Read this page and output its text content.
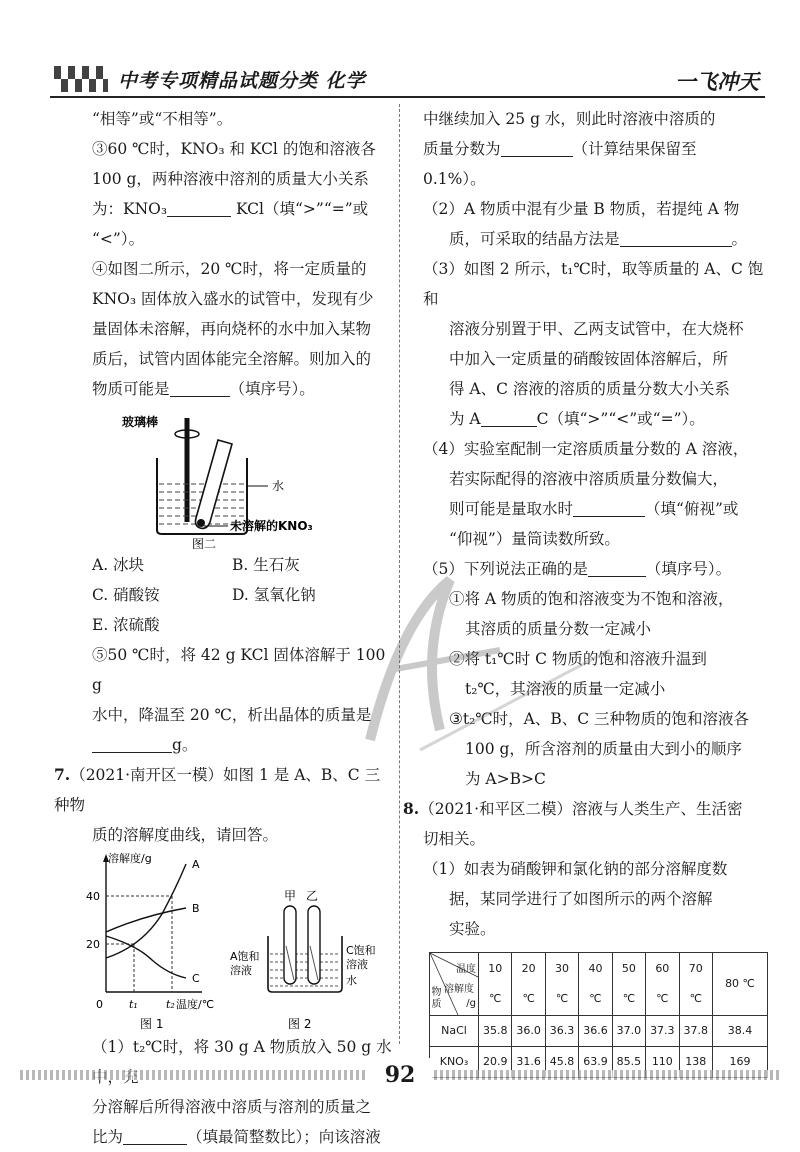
中考专项精品试题分类 化学	一飞冲天

“相等”或“不相等”。

③60 ℃时，KNO₃ 和 KCl 的饱和溶液各

100 g，两种溶液中溶剂的质量大小关系

为：KNO₃	KCl（填“>”“=”或

“<”）。

④如图二所示，20 ℃时，将一定质量的

KNO₃ 固体放入盛水的试管中，发现有少

量固体未溶解，再向烧杯的水中加入某物

质后，试管内固体能完全溶解。则加入的

物质可能是	（填序号）。

玻璃棒
水
未溶解的KNO₃
图二
A. 冰块	B. 生石灰
C. 硝酸铵	D. 氢氧化钠
E. 浓硫酸

⑤50 ℃时，将 42 g KCl 固体溶解于 100 g

水中，降温至 20 ℃，析出晶体的质量是

g。

7.（2021·南开区一模）如图 1 是 A、B、C 三种物

质的溶解度曲线，请回答。

溶解度/g
40
20
0 t₁	t₂ 温度/℃
A
B
C
图 1
甲 乙
A饱和
溶液
C饱和
溶液
水
图 2

（1）t₂℃时，将 30 g A 物质放入 50 g 水

分溶解后所得溶液中溶质与溶剂的质量之

比为	（填最简整数比）；向该溶液

中继续加入 25 g 水，则此时溶液中溶质的

质量分数为	（计算结果保留至

0.1%）。

（2）A 物质中混有少量 B 物质，若提纯 A 物

质，可采取的结晶方法是	。

（3）如图 2 所示，t₁℃时，取等质量的 A、C 饱和

溶液分别置于甲、乙两支试管中，在大烧杯

中加入一定质量的硝酸铵固体溶解后，所

得 A、C 溶液的溶质的质量分数大小关系

为 A	C（填“>”“<”或“=”）。

（4）实验室配制一定溶质质量分数的 A 溶液，

若实际配得的溶液中溶质质量分数偏大，

则可能是量取水时	（填“俯视”或

“仰视”）量筒读数所致。

（5）下列说法正确的是	（填序号）。

①将 A 物质的饱和溶液变为不饱和溶液，

其溶质的质量分数一定减小

②将 t₁℃时 C 物质的饱和溶液升温到

t₂℃，其溶液的质量一定减小

③t₂℃时，A、B、C 三种物质的饱和溶液各

100 g，所含溶剂的质量由大到小的顺序

为 A>B>C

8.（2021·和平区二模）溶液与人类生产、生活密

切相关。

（1）如表为硝酸钾和氯化钠的部分溶解度数

据，某同学进行了如图所示的两个溶解

实验。

温度
溶解度
/g
物质	10 ℃	20 ℃	30 ℃	40 ℃	50 ℃	60 ℃	70 ℃	80 ℃
NaCl	35.8	36.0	36.3	36.6	37.0	37.3	37.8	38.4
KNO₃	20.9	31.6	45.8	63.9	85.5	110	138	169
92
